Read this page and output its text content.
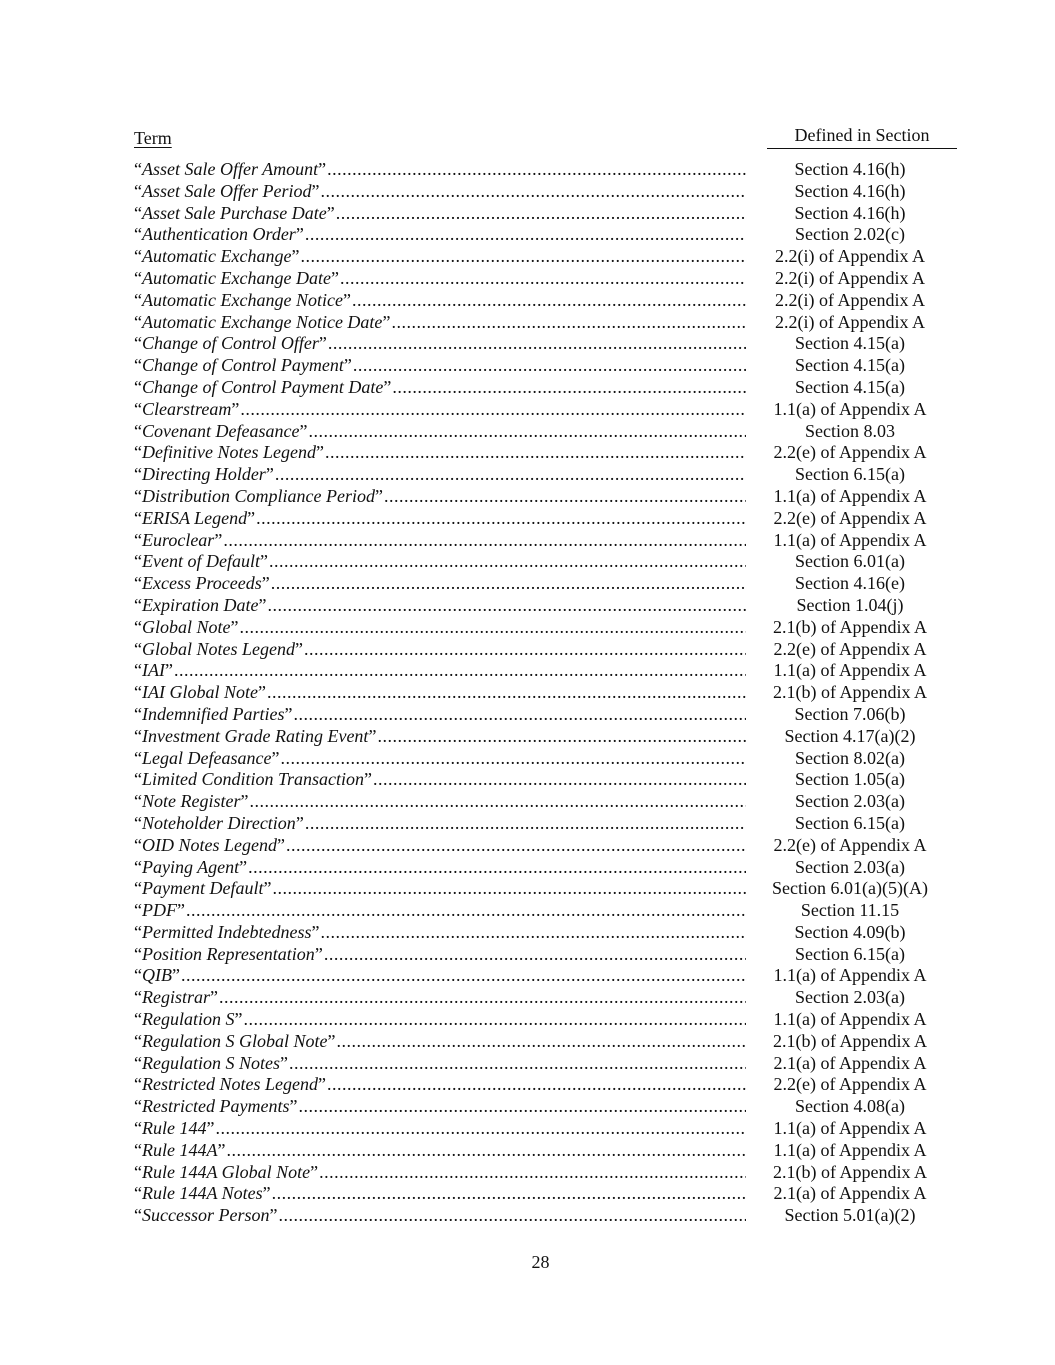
Term	Defined in Section
“Asset Sale Offer Amount” .....	Section 4.16(h)
“Asset Sale Offer Period” .....	Section 4.16(h)
“Asset Sale Purchase Date” .....	Section 4.16(h)
“Authentication Order” .....	Section 2.02(c)
“Automatic Exchange” .....	2.2(i) of Appendix A
“Automatic Exchange Date” .....	2.2(i) of Appendix A
“Automatic Exchange Notice” .....	2.2(i) of Appendix A
“Automatic Exchange Notice Date” .....	2.2(i) of Appendix A
“Change of Control Offer” .....	Section 4.15(a)
“Change of Control Payment” .....	Section 4.15(a)
“Change of Control Payment Date” .....	Section 4.15(a)
“Clearstream” .....	1.1(a) of Appendix A
“Covenant Defeasance” .....	Section 8.03
“Definitive Notes Legend” .....	2.2(e) of Appendix A
“Directing Holder” .....	Section 6.15(a)
“Distribution Compliance Period” .....	1.1(a) of Appendix A
“ERISA Legend” .....	2.2(e) of Appendix A
“Euroclear” .....	1.1(a) of Appendix A
“Event of Default” .....	Section 6.01(a)
“Excess Proceeds” .....	Section 4.16(e)
“Expiration Date” .....	Section 1.04(j)
“Global Note” .....	2.1(b) of Appendix A
“Global Notes Legend” .....	2.2(e) of Appendix A
“IAI” .....	1.1(a) of Appendix A
“IAI Global Note” .....	2.1(b) of Appendix A
“Indemnified Parties” .....	Section 7.06(b)
“Investment Grade Rating Event” .....	Section 4.17(a)(2)
“Legal Defeasance” .....	Section 8.02(a)
“Limited Condition Transaction” .....	Section 1.05(a)
“Note Register” .....	Section 2.03(a)
“Noteholder Direction” .....	Section 6.15(a)
“OID Notes Legend” .....	2.2(e) of Appendix A
“Paying Agent” .....	Section 2.03(a)
“Payment Default” .....	Section 6.01(a)(5)(A)
“PDF” .....	Section 11.15
“Permitted Indebtedness” .....	Section 4.09(b)
“Position Representation” .....	Section 6.15(a)
“QIB” .....	1.1(a) of Appendix A
“Registrar” .....	Section 2.03(a)
“Regulation S” .....	1.1(a) of Appendix A
“Regulation S Global Note” .....	2.1(b) of Appendix A
“Regulation S Notes” .....	2.1(a) of Appendix A
“Restricted Notes Legend” .....	2.2(e) of Appendix A
“Restricted Payments” .....	Section 4.08(a)
“Rule 144” .....	1.1(a) of Appendix A
“Rule 144A” .....	1.1(a) of Appendix A
“Rule 144A Global Note” .....	2.1(b) of Appendix A
“Rule 144A Notes” .....	2.1(a) of Appendix A
“Successor Person” .....	Section 5.01(a)(2)
28
